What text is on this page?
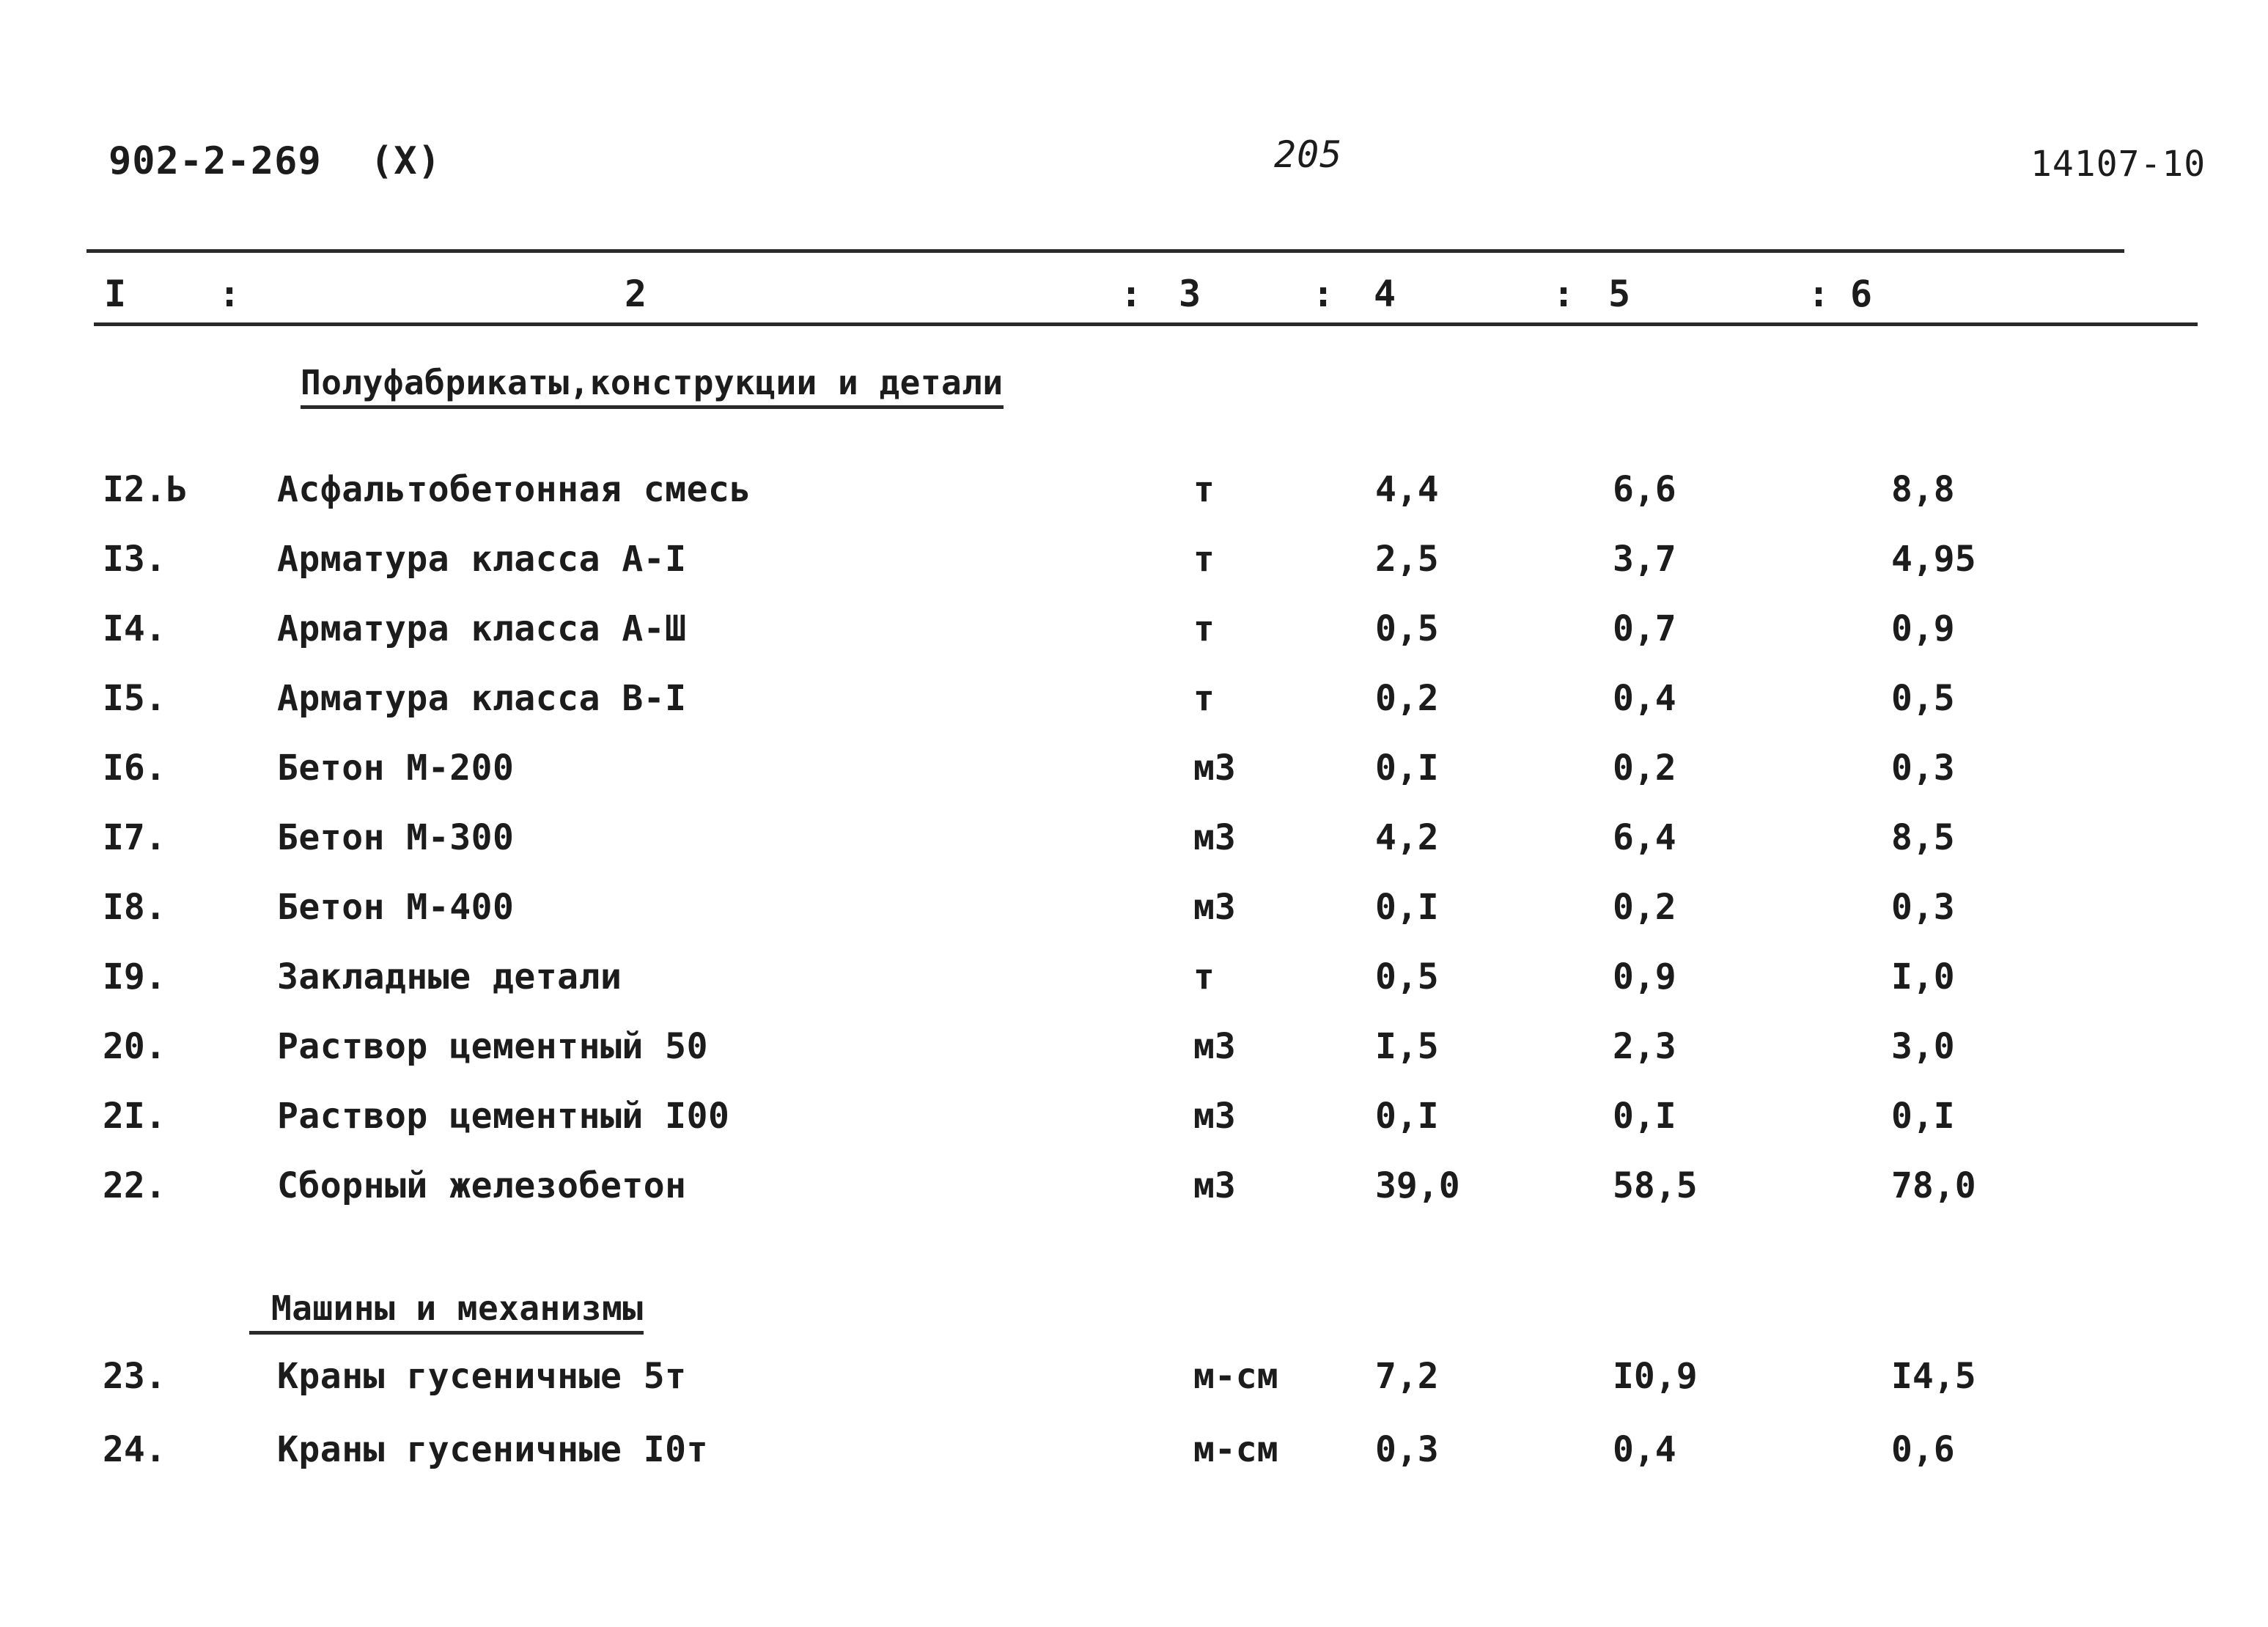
902-2-269 (X)	205	14107-10
I	:	2	: 3	: 4	: 5	: 6
Полуфабрикаты,конструкции и детали
I2.Ь	Асфальтобетонная смесь	т	4,4	6,6	8,8
I3.	Арматура класса А-I	т	2,5	3,7	4,95
I4.	Арматура класса А-Ш	т	0,5	0,7	0,9
I5.	Арматура класса В-I	т	0,2	0,4	0,5
I6.	Бетон М-200	м3	0,I	0,2	0,3
I7.	Бетон М-300	м3	4,2	6,4	8,5
I8.	Бетон М-400	м3	0,I	0,2	0,3
I9.	Закладные детали	т	0,5	0,9	I,0
20.	Раствор цементный 50	м3	I,5	2,3	3,0
2I.	Раствор цементный I00	м3	0,I	0,I	0,I
22.	Сборный железобетон	м3	39,0	58,5	78,0
Машины и механизмы
23.	Краны гусеничные 5т	м-см	7,2	I0,9	I4,5
24.	Краны гусеничные I0т	м-см	0,3	0,4	0,6
